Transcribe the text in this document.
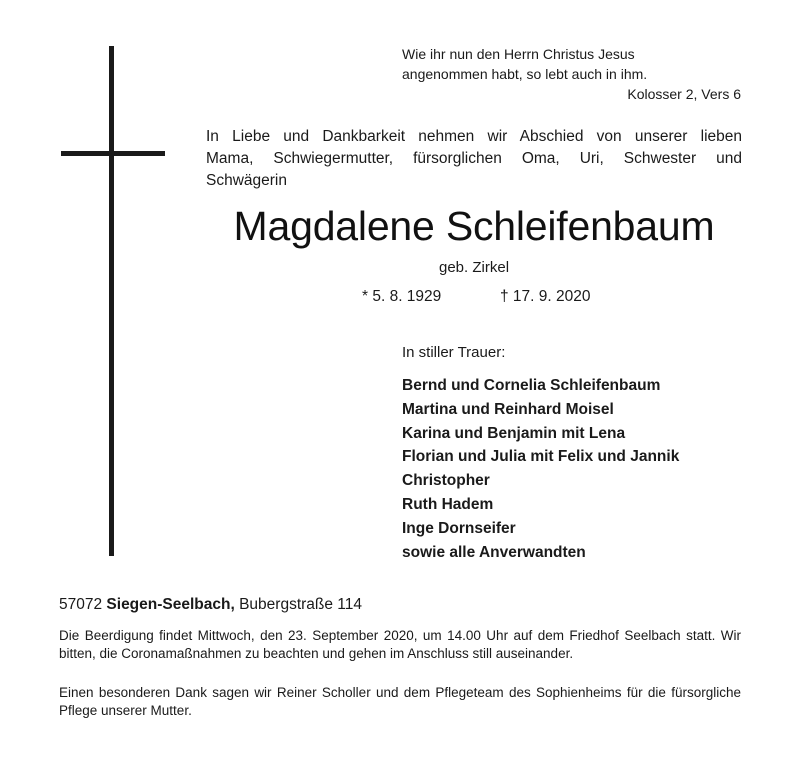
Wie ihr nun den Herrn Christus Jesus
angenommen habt, so lebt auch in ihm.
Kolosser 2, Vers 6
In Liebe und Dankbarkeit nehmen wir Abschied von unserer lieben
Mama, Schwiegermutter, fürsorglichen Oma, Uri, Schwester und
Schwägerin
Magdalene Schleifenbaum
geb. Zirkel
* 5. 8. 1929	† 17. 9. 2020
In stiller Trauer:
Bernd und Cornelia Schleifenbaum
Martina und Reinhard Moisel
Karina und Benjamin mit Lena
Florian und Julia mit Felix und Jannik
Christopher
Ruth Hadem
Inge Dornseifer
sowie alle Anverwandten
57072 Siegen-Seelbach, Bubergstraße 114
Die Beerdigung findet Mittwoch, den 23. September 2020, um 14.00 Uhr auf dem Friedhof Seelbach statt. Wir bitten, die Coronamaßnahmen zu beachten und gehen im Anschluss still auseinander.
Einen besonderen Dank sagen wir Reiner Scholler und dem Pflegeteam des Sophienheims für die fürsorgliche Pflege unserer Mutter.
